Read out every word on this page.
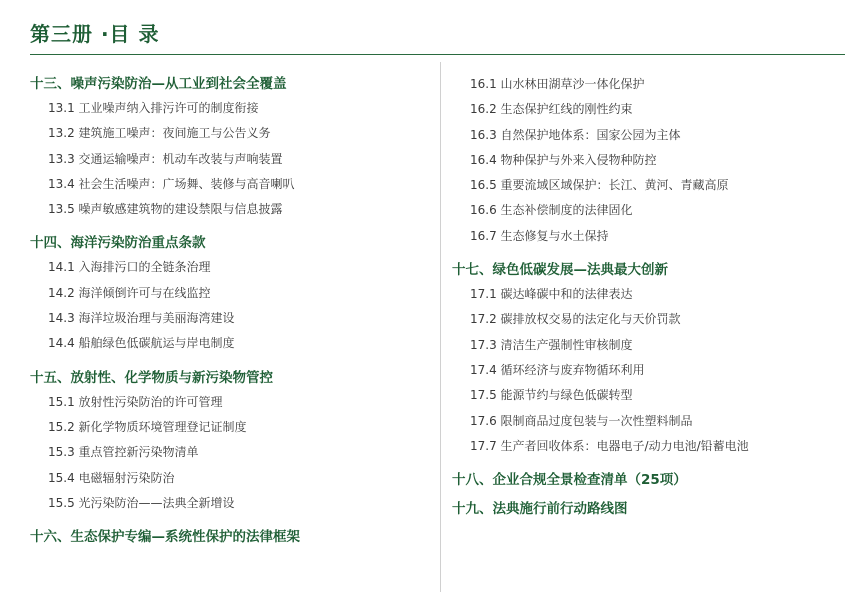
第三册 ·目 录
十三、噪声污染防治—从工业到社会全覆盖
13.1 工业噪声纳入排污许可的制度衔接
13.2 建筑施工噪声：夜间施工与公告义务
13.3 交通运输噪声：机动车改装与声响装置
13.4 社会生活噪声：广场舞、装修与高音喇叭
13.5 噪声敏感建筑物的建设禁限与信息披露
十四、海洋污染防治重点条款
14.1 入海排污口的全链条治理
14.2 海洋倾倒许可与在线监控
14.3 海洋垃圾治理与美丽海湾建设
14.4 船舶绿色低碳航运与岸电制度
十五、放射性、化学物质与新污染物管控
15.1 放射性污染防治的许可管理
15.2 新化学物质环境管理登记证制度
15.3 重点管控新污染物清单
15.4 电磁辐射污染防治
15.5 光污染防治——法典全新增设
十六、生态保护专编—系统性保护的法律框架
16.1 山水林田湖草沙一体化保护
16.2 生态保护红线的刚性约束
16.3 自然保护地体系：国家公园为主体
16.4 物种保护与外来入侵物种防控
16.5 重要流域区域保护：长江、黄河、青藏高原
16.6 生态补偿制度的法律固化
16.7 生态修复与水土保持
十七、绿色低碳发展—法典最大创新
17.1 碳达峰碳中和的法律表达
17.2 碳排放权交易的法定化与天价罚款
17.3 清洁生产强制性审核制度
17.4 循环经济与废弃物循环利用
17.5 能源节约与绿色低碳转型
17.6 限制商品过度包装与一次性塑料制品
17.7 生产者回收体系：电器电子/动力电池/铅蓄电池
十八、企业合规全景检查清单（25项）
十九、法典施行前行动路线图
